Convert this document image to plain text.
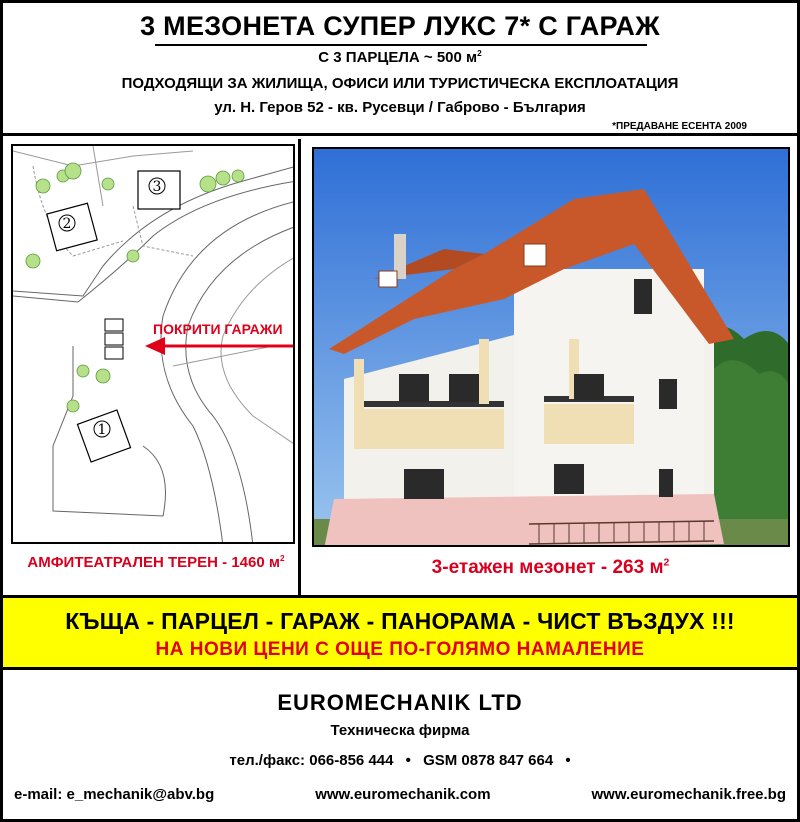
3 МЕЗОНЕТА СУПЕР ЛУКС 7* С ГАРАЖ
С 3 ПАРЦЕЛА ~ 500 $м^2$
ПОДХОДЯЩИ ЗА ЖИЛИЩА, ОФИСИ ИЛИ ТУРИСТИЧЕСКА ЕКСПЛОАТАЦИЯ
ул. Н. Геров 52 - кв. Русевци / Габрово - България
*ПРЕДАВАНЕ ЕСЕНТА 2009
2
3
1
ПОКРИТИ ГАРАЖИ
АМФИТЕАТРАЛЕН ТЕРЕН - 1460 $м^2$	3-етажен мезонет - 263 $м^2$
КЪЩА - ПАРЦЕЛ - ГАРАЖ - ПАНОРАМА - ЧИСТ ВЪЗДУХ !!!
НА НОВИ ЦЕНИ С ОЩЕ ПО-ГОЛЯМО НАМАЛЕНИЕ
EUROMECHANIK LTD
Техническа фирма
тел./факс: 066-856 444 • GSM 0878 847 664 •
e-mail: e_mechanik@abv.bg	www.euromechanik.com	www.euromechanik.free.bg
